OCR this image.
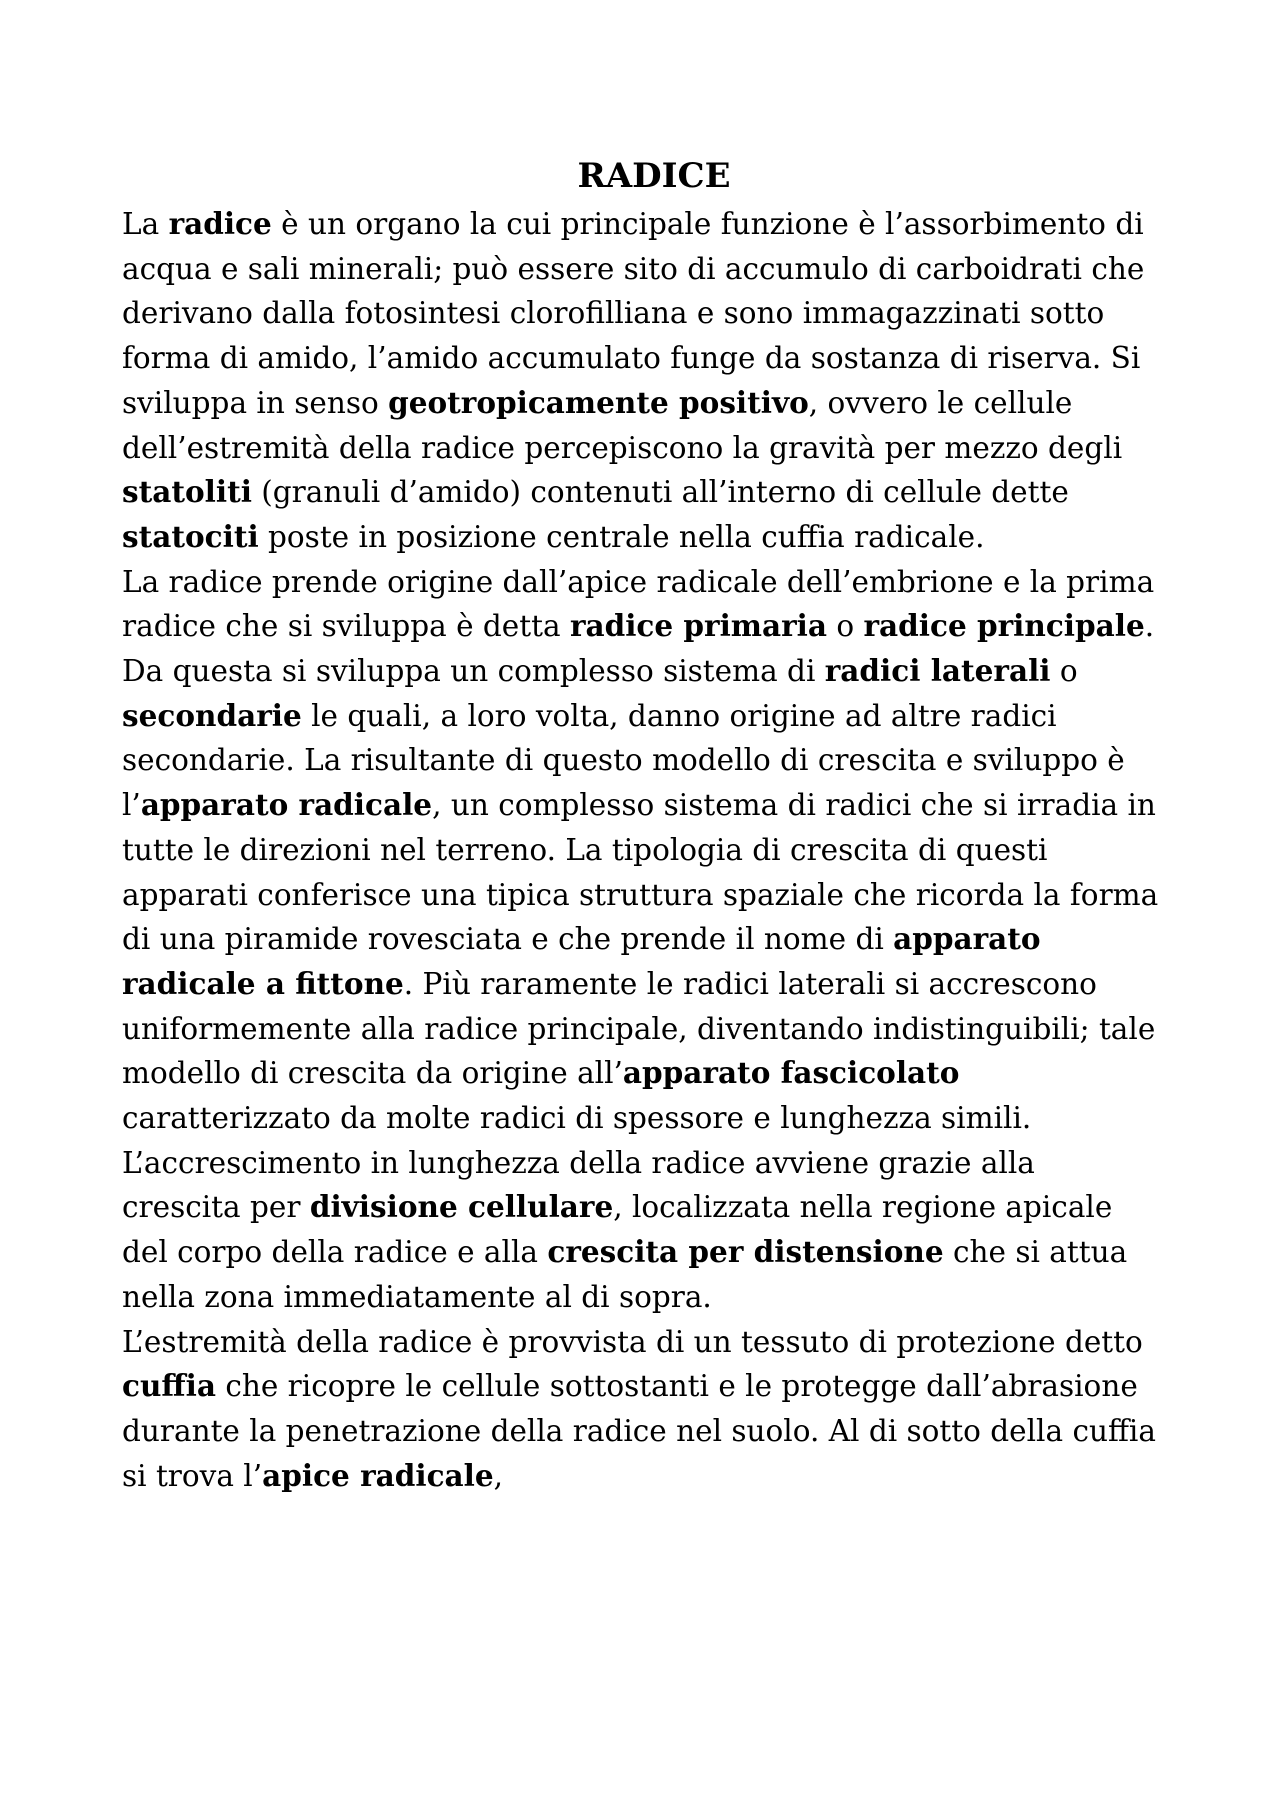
RADICE

La radice è un organo la cui principale funzione è l’assorbimento di acqua e sali minerali; può essere sito di accumulo di carboidrati che derivano dalla fotosintesi clorofilliana e sono immagazzinati sotto forma di amido, l’amido accumulato funge da sostanza di riserva. Si sviluppa in senso geotropicamente positivo, ovvero le cellule dell’estremità della radice percepiscono la gravità per mezzo degli statoliti (granuli d’amido) contenuti all’interno di cellule dette statociti poste in posizione centrale nella cuffia radicale.

La radice prende origine dall’apice radicale dell’embrione e la prima radice che si sviluppa è detta radice primaria o radice principale. Da questa si sviluppa un complesso sistema di radici laterali o secondarie le quali, a loro volta, danno origine ad altre radici secondarie. La risultante di questo modello di crescita e sviluppo è l’apparato radicale, un complesso sistema di radici che si irradia in tutte le direzioni nel terreno. La tipologia di crescita di questi apparati conferisce una tipica struttura spaziale che ricorda la forma di una piramide rovesciata e che prende il nome di apparato radicale a fittone. Più raramente le radici laterali si accrescono uniformemente alla radice principale, diventando indistinguibili; tale modello di crescita da origine all’apparato fascicolato caratterizzato da molte radici di spessore e lunghezza simili.

L’accrescimento in lunghezza della radice avviene grazie alla crescita per divisione cellulare, localizzata nella regione apicale del corpo della radice e alla crescita per distensione che si attua nella zona immediatamente al di sopra.

L’estremità della radice è provvista di un tessuto di protezione detto cuffia che ricopre le cellule sottostanti e le protegge dall’abrasione durante la penetrazione della radice nel suolo. Al di sotto della cuffia si trova l’apice radicale,
